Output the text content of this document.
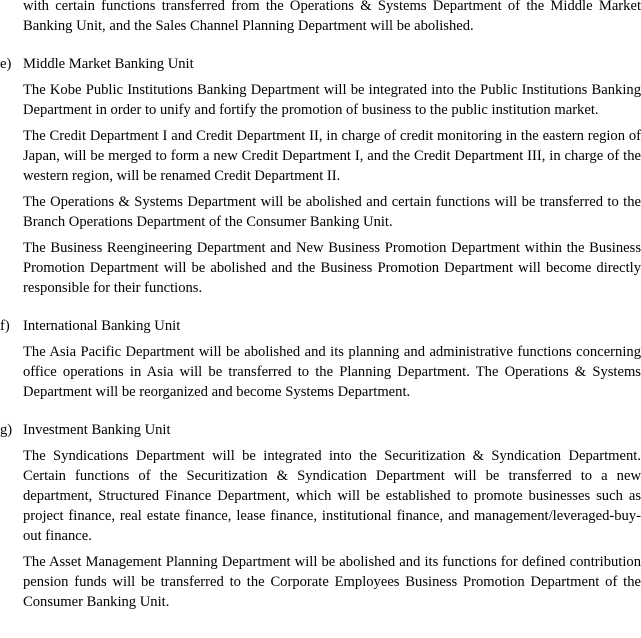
with certain functions transferred from the Operations & Systems Department of the Middle Market Banking Unit, and the Sales Channel Planning Department will be abolished.

e) Middle Market Banking Unit

The Kobe Public Institutions Banking Department will be integrated into the Public Institutions Banking Department in order to unify and fortify the promotion of business to the public institution market.

The Credit Department I and Credit Department II, in charge of credit monitoring in the eastern region of Japan, will be merged to form a new Credit Department I, and the Credit Department III, in charge of the western region, will be renamed Credit Department II.

The Operations & Systems Department will be abolished and certain functions will be transferred to the Branch Operations Department of the Consumer Banking Unit.

The Business Reengineering Department and New Business Promotion Department within the Business Promotion Department will be abolished and the Business Promotion Department will become directly responsible for their functions.

f) International Banking Unit

The Asia Pacific Department will be abolished and its planning and administrative functions concerning office operations in Asia will be transferred to the Planning Department. The Operations & Systems Department will be reorganized and become Systems Department.

g) Investment Banking Unit

The Syndications Department will be integrated into the Securitization & Syndication Department. Certain functions of the Securitization & Syndication Department will be transferred to a new department, Structured Finance Department, which will be established to promote businesses such as project finance, real estate finance, lease finance, institutional finance, and management/leveraged-buy-out finance.

The Asset Management Planning Department will be abolished and its functions for defined contribution pension funds will be transferred to the Corporate Employees Business Promotion Department of the Consumer Banking Unit.
